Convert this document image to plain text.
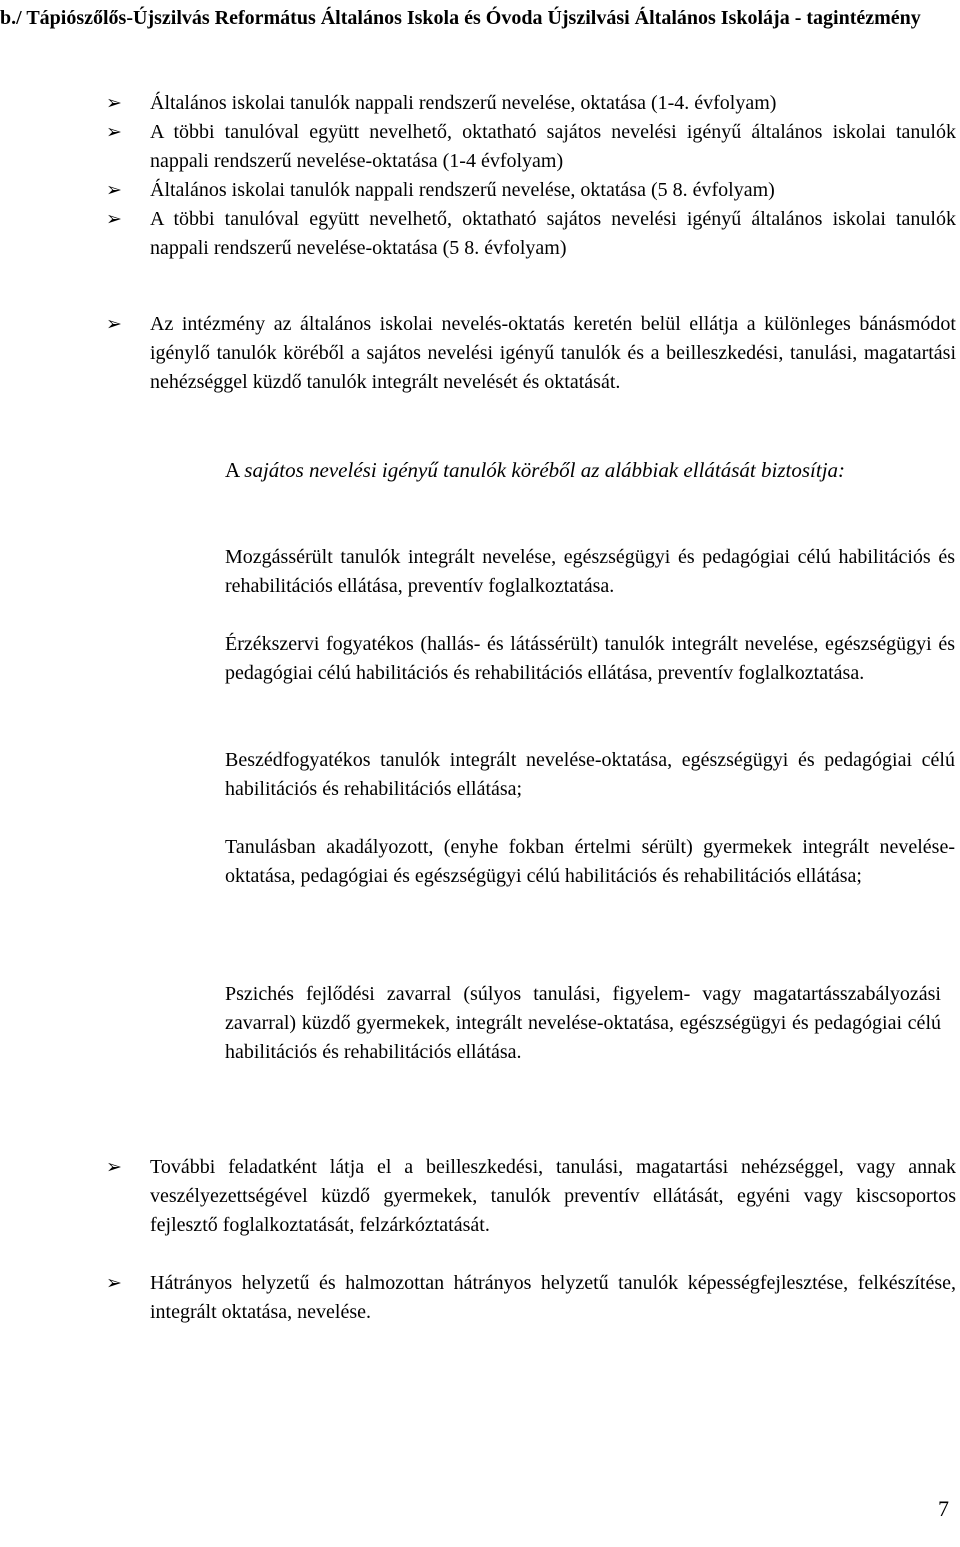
b./ Tápiószőlős-Újszilvás Református Általános Iskola és Óvoda Újszilvási Általános Iskolája - tagintézmény
➢ Általános iskolai tanulók nappali rendszerű nevelése, oktatása (1-4. évfolyam)
➢ A többi tanulóval együtt nevelhető, oktatható sajátos nevelési igényű általános iskolai tanulók nappali rendszerű nevelése-oktatása (1-4 évfolyam)
➢ Általános iskolai tanulók nappali rendszerű nevelése, oktatása (5 8. évfolyam)
➢ A többi tanulóval együtt nevelhető, oktatható sajátos nevelési igényű általános iskolai tanulók nappali rendszerű nevelése-oktatása (5 8. évfolyam)
➢ Az intézmény az általános iskolai nevelés-oktatás keretén belül ellátja a különleges bánásmódot igénylő tanulók köréből a sajátos nevelési igényű tanulók és a beilleszkedési, tanulási, magatartási nehézséggel küzdő tanulók integrált nevelését és oktatását.

A sajátos nevelési igényű tanulók köréből az alábbiak ellátását biztosítja:

Mozgássérült tanulók integrált nevelése, egészségügyi és pedagógiai célú habilitációs és rehabilitációs ellátása, preventív foglalkoztatása.

Érzékszervi fogyatékos (hallás- és látássérült) tanulók integrált nevelése, egészségügyi és pedagógiai célú habilitációs és rehabilitációs ellátása, preventív foglalkoztatása.

Beszédfogyatékos tanulók integrált nevelése-oktatása, egészségügyi és pedagógiai célú habilitációs és rehabilitációs ellátása;

Tanulásban akadályozott, (enyhe fokban értelmi sérült) gyermekek integrált nevelése-oktatása, pedagógiai és egészségügyi célú habilitációs és rehabilitációs ellátása;

Pszichés fejlődési zavarral (súlyos tanulási, figyelem- vagy magatartásszabályozási zavarral) küzdő gyermekek, integrált nevelése-oktatása, egészségügyi és pedagógiai célú habilitációs és rehabilitációs ellátása.

➢ További feladatként látja el a beilleszkedési, tanulási, magatartási nehézséggel, vagy annak veszélyezettségével küzdő gyermekek, tanulók preventív ellátását, egyéni vagy kiscsoportos fejlesztő foglalkoztatását, felzárkóztatását.
➢ Hátrányos helyzetű és halmozottan hátrányos helyzetű tanulók képességfejlesztése, felkészítése, integrált oktatása, nevelése.
7
